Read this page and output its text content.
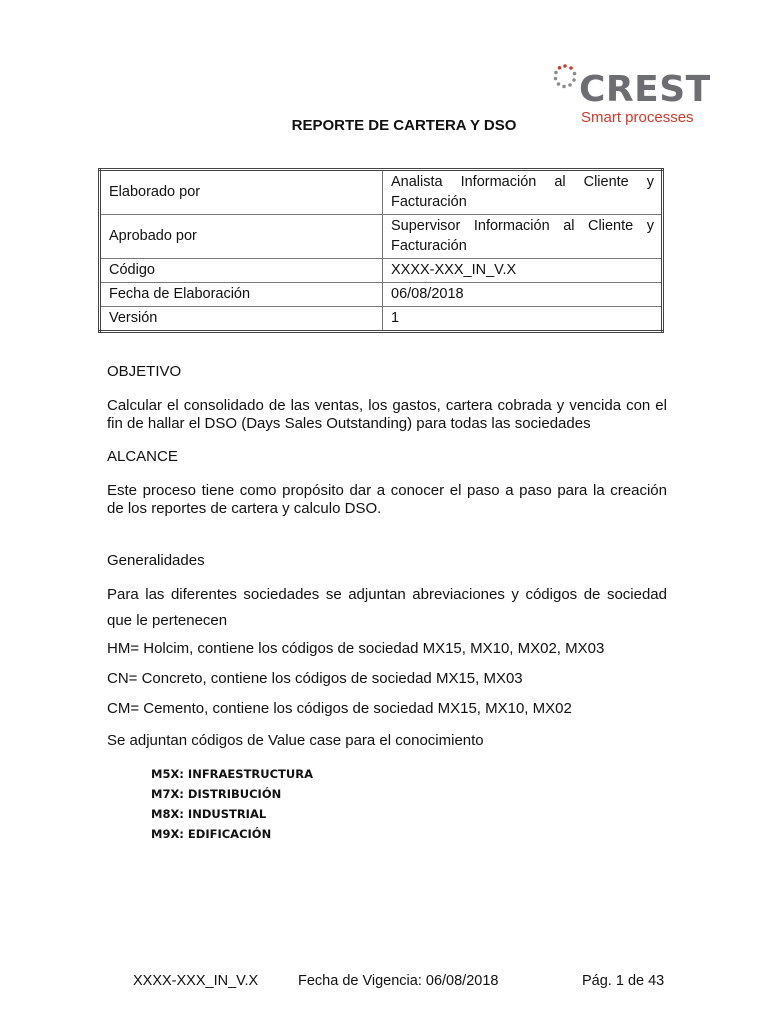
CREST
Smart processes
REPORTE DE CARTERA Y DSO
Elaborado por	Analista Información al Cliente y Facturación
Aprobado por	Supervisor Información al Cliente y Facturación
Código	XXXX-XXX_IN_V.X
Fecha de Elaboración	06/08/2018
Versión	1
OBJETIVO
Calcular el consolidado de las ventas, los gastos, cartera cobrada y vencida con el fin de hallar el DSO (Days Sales Outstanding) para todas las sociedades
ALCANCE
Este proceso tiene como propósito dar a conocer el paso a paso para la creación de los reportes de cartera y calculo DSO.
Generalidades
Para las diferentes sociedades se adjuntan abreviaciones y códigos de sociedad que le pertenecen
HM= Holcim, contiene los códigos de sociedad MX15, MX10, MX02, MX03
CN= Concreto, contiene los códigos de sociedad MX15, MX03
CM= Cemento, contiene los códigos de sociedad MX15, MX10, MX02
Se adjuntan códigos de Value case para el conocimiento
M5X: INFRAESTRUCTURA
M7X: DISTRIBUCIÓN
M8X: INDUSTRIAL
M9X: EDIFICACIÓN
XXXX-XXX_IN_V.X	Fecha de Vigencia: 06/08/2018	Pág. 1 de 43
